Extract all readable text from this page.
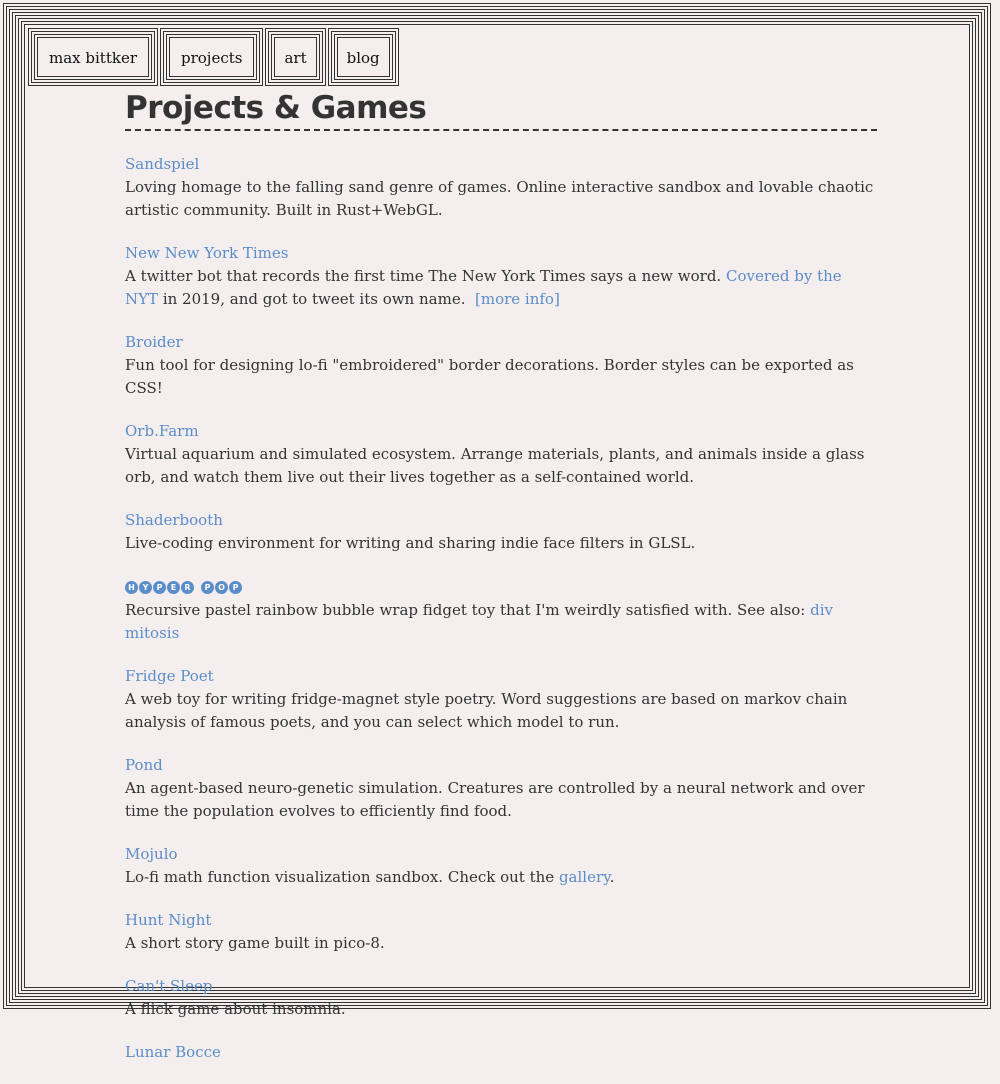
max bittker	projects	art	blog
Projects & Games
Sandspiel
Loving homage to the falling sand genre of games. Online interactive sandbox and lovable chaotic artistic community. Built in Rust+WebGL.
New New York Times
A twitter bot that records the first time The New York Times says a new word. Covered by the NYT in 2019, and got to tweet its own name.  [more info]
Broider
Fun tool for designing lo-fi "embroidered" border decorations. Border styles can be exported as CSS!
Orb.Farm
Virtual aquarium and simulated ecosystem. Arrange materials, plants, and animals inside a glass orb, and watch them live out their lives together as a self-contained world.
Shaderbooth
Live-coding environment for writing and sharing indie face filters in GLSL.
H Y	P	E	R	P O P
Recursive pastel rainbow bubble wrap fidget toy that I'm weirdly satisfied with. See also: div mitosis
Fridge Poet
A web toy for writing fridge-magnet style poetry. Word suggestions are based on markov chain analysis of famous poets, and you can select which model to run.
Pond
An agent-based neuro-genetic simulation. Creatures are controlled by a neural network and over time the population evolves to efficiently find food.
Mojulo
Lo-fi math function visualization sandbox. Check out the gallery.
Hunt Night
A short story game built in pico-8.
Can't Sleep
A flick game about insomnia.
Lunar Bocce
